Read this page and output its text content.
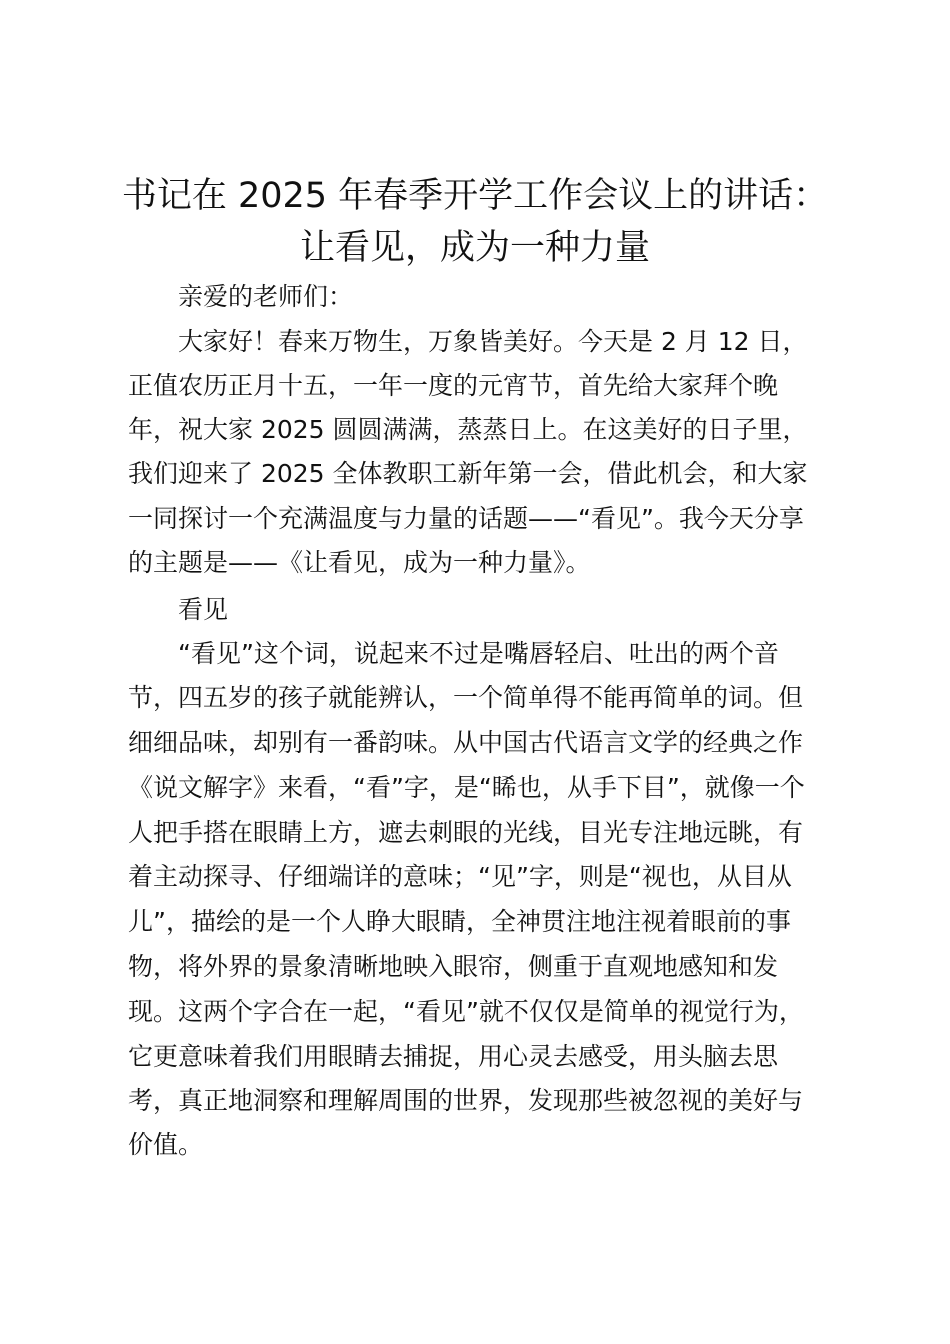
书记在 2025 年春季开学工作会议上的讲话：
让看见，成为一种力量

亲爱的老师们：

大家好！春来万物生，万象皆美好。今天是 2 月 12 日，

正值农历正月十五，一年一度的元宵节，首先给大家拜个晚

年，祝大家 2025 圆圆满满，蒸蒸日上。在这美好的日子里，

我们迎来了 2025 全体教职工新年第一会，借此机会，和大家

一同探讨一个充满温度与力量的话题——“看见”。我今天分享

的主题是——《让看见，成为一种力量》。

看见

“看见”这个词，说起来不过是嘴唇轻启、吐出的两个音

节，四五岁的孩子就能辨认，一个简单得不能再简单的词。但

细细品味，却别有一番韵味。从中国古代语言文学的经典之作

《说文解字》来看，“看”字，是“睎也，从手下目”，就像一个

人把手搭在眼睛上方，遮去刺眼的光线，目光专注地远眺，有

着主动探寻、仔细端详的意味；“见”字，则是“视也，从目从

儿”，描绘的是一个人睁大眼睛，全神贯注地注视着眼前的事

物，将外界的景象清晰地映入眼帘，侧重于直观地感知和发

现。这两个字合在一起，“看见”就不仅仅是简单的视觉行为，

它更意味着我们用眼睛去捕捉，用心灵去感受，用头脑去思

考，真正地洞察和理解周围的世界，发现那些被忽视的美好与

价值。
